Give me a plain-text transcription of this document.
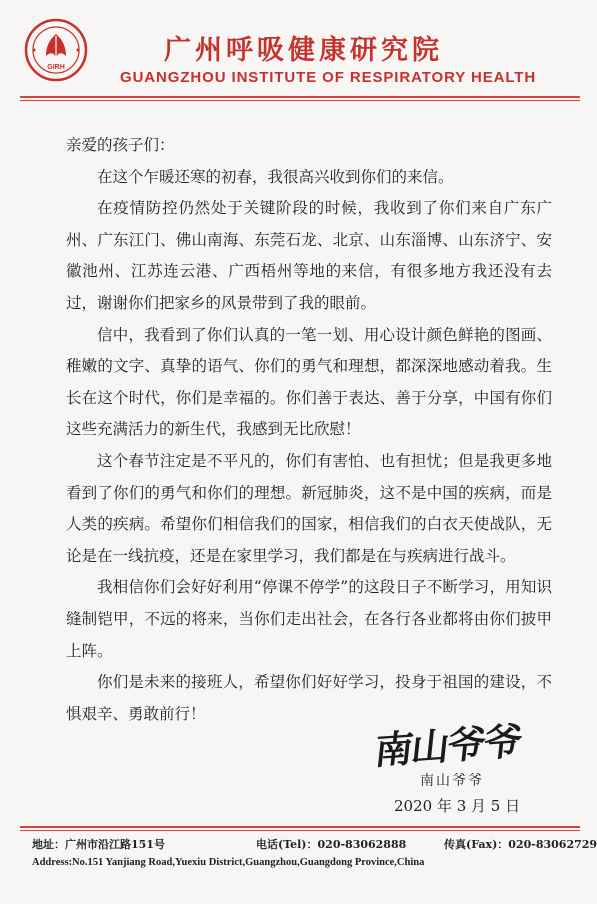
GIRH
广州呼吸健康研究院
GUANGZHOU INSTITUTE OF RESPIRATORY HEALTH

亲爱的孩子们：

在这个乍暖还寒的初春，我很高兴收到你们的来信。

在疫情防控仍然处于关键阶段的时候，我收到了你们来自广东广州、广东江门、佛山南海、东莞石龙、北京、山东淄博、山东济宁、安徽池州、江苏连云港、广西梧州等地的来信，有很多地方我还没有去过，谢谢你们把家乡的风景带到了我的眼前。

信中，我看到了你们认真的一笔一划、用心设计颜色鲜艳的图画、稚嫩的文字、真挚的语气、你们的勇气和理想，都深深地感动着我。生长在这个时代，你们是幸福的。你们善于表达、善于分享，中国有你们这些充满活力的新生代，我感到无比欣慰！

这个春节注定是不平凡的，你们有害怕、也有担忧；但是我更多地看到了你们的勇气和你们的理想。新冠肺炎，这不是中国的疾病，而是人类的疾病。希望你们相信我们的国家，相信我们的白衣天使战队，无论是在一线抗疫，还是在家里学习，我们都是在与疾病进行战斗。

我相信你们会好好利用“停课不停学”的这段日子不断学习，用知识缝制铠甲，不远的将来，当你们走出社会，在各行各业都将由你们披甲上阵。

你们是未来的接班人，希望你们好好学习，投身于祖国的建设，不惧艰辛、勇敢前行！

南山爷爷
南山爷爷
2020 年 3 月 5 日
地址：广州市沿江路151号	电话(Tel)：020-83062888	传真(Fax)：020-83062729
Address:No.151 Yanjiang Road,Yuexiu District,Guangzhou,Guangdong Province,China
